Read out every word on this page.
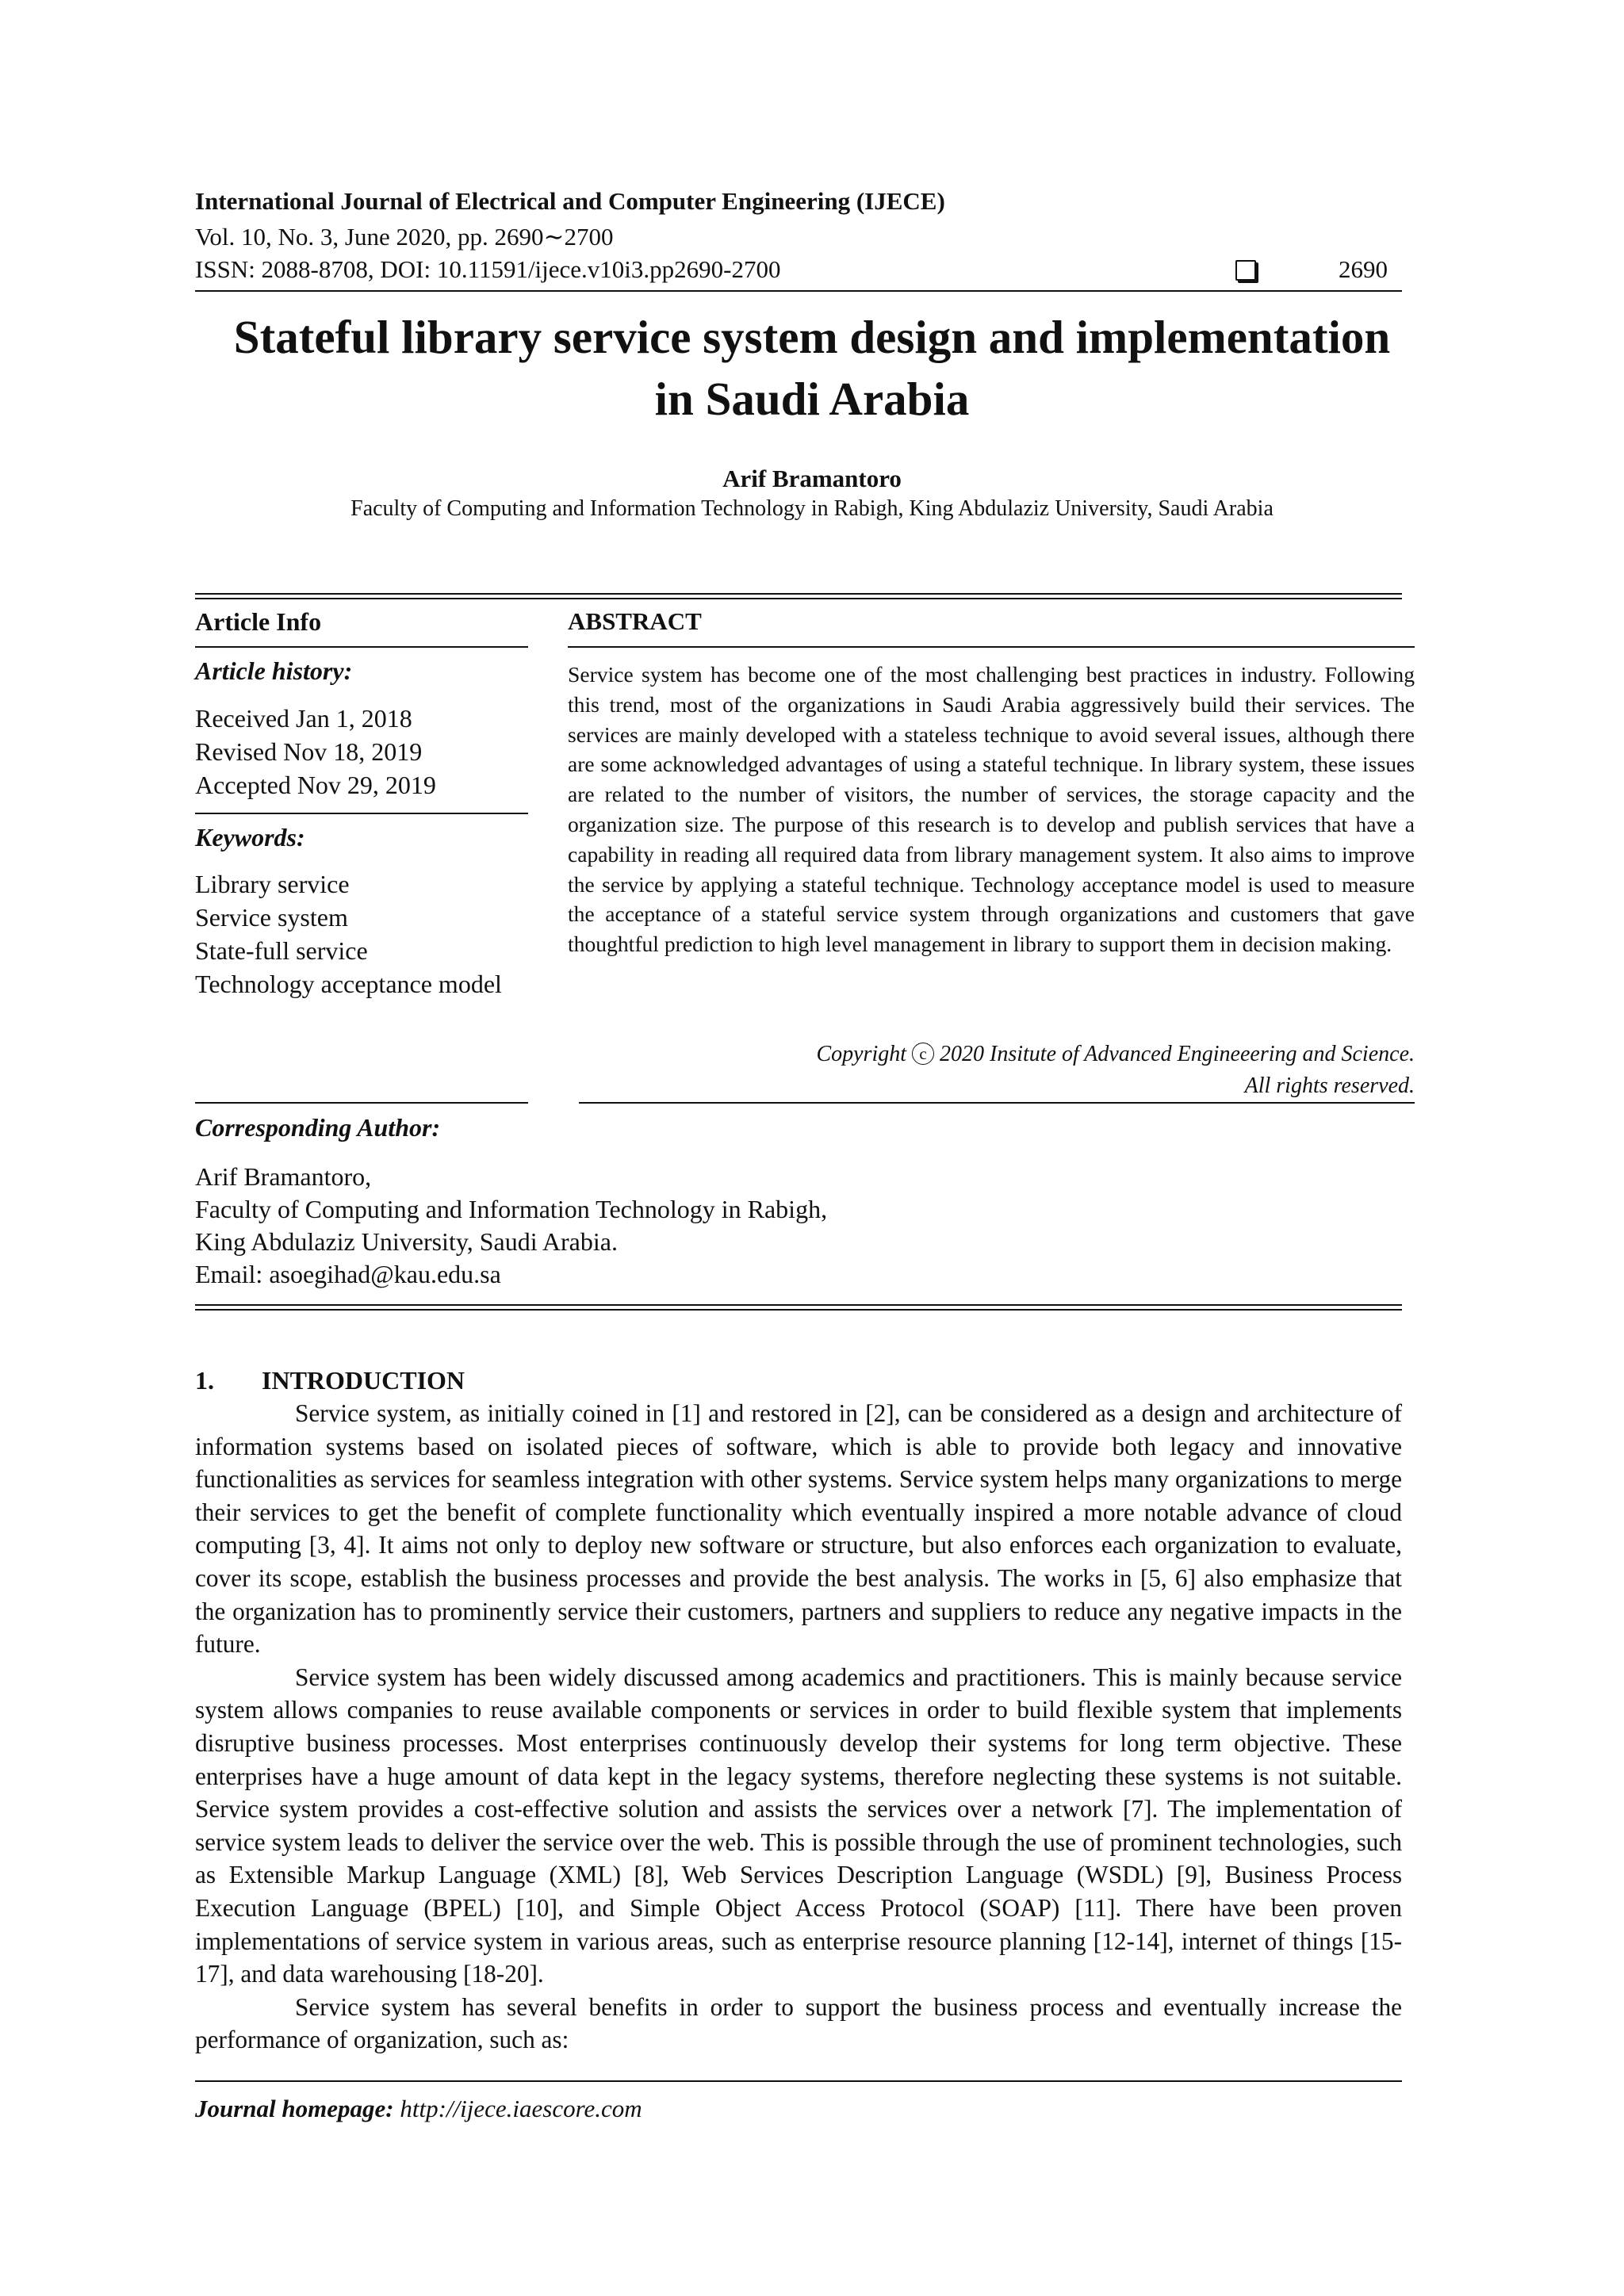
International Journal of Electrical and Computer Engineering (IJECE)
Vol. 10, No. 3, June 2020, pp. 2690∼2700
ISSN: 2088-8708, DOI: 10.11591/ijece.v10i3.pp2690-2700	2690
Stateful library service system design and implementation
in Saudi Arabia
Arif Bramantoro
Faculty of Computing and Information Technology in Rabigh, King Abdulaziz University, Saudi Arabia
Article Info
Article history:
Received Jan 1, 2018
Revised Nov 18, 2019
Accepted Nov 29, 2019
Keywords:
Library service
Service system
State-full service
Technology acceptance model
ABSTRACT
Service system has become one of the most challenging best practices in industry. Following this trend, most of the organizations in Saudi Arabia aggressively build their services. The services are mainly developed with a stateless technique to avoid several issues, although there are some acknowledged advantages of using a stateful technique. In library system, these issues are related to the number of visitors, the number of services, the storage capacity and the organization size. The purpose of this research is to develop and publish services that have a capability in reading all required data from library management system. It also aims to improve the service by applying a stateful technique. Technology acceptance model is used to measure the acceptance of a stateful service system through organizations and customers that gave thoughtful prediction to high level management in library to support them in decision making.
Copyright c 2020 Insitute of Advanced Engineeering and Science.
All rights reserved.
Corresponding Author:
Arif Bramantoro,
Faculty of Computing and Information Technology in Rabigh,
King Abdulaziz University, Saudi Arabia.
Email: asoegihad@kau.edu.sa
1. INTRODUCTION

Service system, as initially coined in [1] and restored in [2], can be considered as a design and architecture of information systems based on isolated pieces of software, which is able to provide both legacy and innovative functionalities as services for seamless integration with other systems. Service system helps many organizations to merge their services to get the benefit of complete functionality which eventually inspired a more notable advance of cloud computing [3, 4]. It aims not only to deploy new software or structure, but also enforces each organization to evaluate, cover its scope, establish the business processes and provide the best analysis. The works in [5, 6] also emphasize that the organization has to prominently service their customers, partners and suppliers to reduce any negative impacts in the future.

Service system has been widely discussed among academics and practitioners. This is mainly because service system allows companies to reuse available components or services in order to build flexible system that implements disruptive business processes. Most enterprises continuously develop their systems for long term objective. These enterprises have a huge amount of data kept in the legacy systems, therefore neglecting these systems is not suitable. Service system provides a cost-effective solution and assists the services over a network [7]. The implementation of service system leads to deliver the service over the web. This is possible through the use of prominent technologies, such as Extensible Markup Language (XML) [8], Web Services Description Language (WSDL) [9], Business Process Execution Language (BPEL) [10], and Simple Object Access Protocol (SOAP) [11]. There have been proven implementations of service system in various areas, such as enterprise resource planning [12-14], internet of things [15-17], and data warehousing [18-20].

Service system has several benefits in order to support the business process and eventually increase the performance of organization, such as:

Journal homepage: http://ijece.iaescore.com
